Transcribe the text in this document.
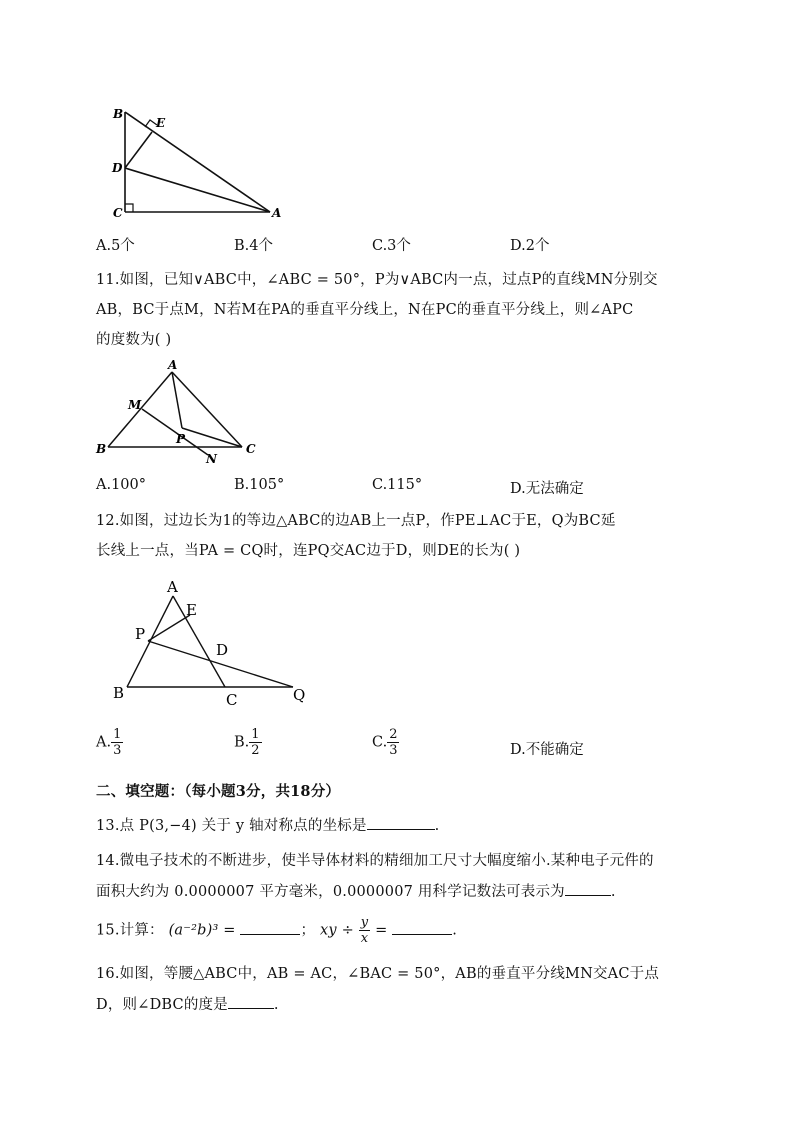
B
E
D
C	A
A.5个	B.4个	C.3个	D.2个
11.如图，已知∨ABC中，∠ABC = 50°，P为∨ABC内一点，过点P的直线MN分别交
AB，BC于点M，N若M在PA的垂直平分线上，N在PC的垂直平分线上，则∠APC
的度数为( )
A
M
P
B
N
C
A.100°	B.105°	C.115°	D.无法确定
12.如图，过边长为1的等边△ABC的边AB上一点P，作PE⊥AC于E，Q为BC延
长线上一点，当PA = CQ时，连PQ交AC边于D，则DE的长为( )
A
E
P
D
B	C	Q
A. $\frac{1}{3}$	B. $\frac{1}{2}$	C. $\frac{2}{3}$	D.不能确定
二、填空题：（每小题3分，共18分）
13.点 P(3,−4) 关于 y 轴对称点的坐标是	.
14.微电子技术的不断进步，使半导体材料的精细加工尺寸大幅度缩小.某种电子元件的
面积大约为 0.0000007 平方毫米，0.0000007 用科学记数法可表示为	.
15.计算： (a⁻²b)³ =	； xy ÷ $\frac{y}{x}$ =	.
16.如图，等腰△ABC中，AB = AC，∠BAC = 50°，AB的垂直平分线MN交AC于点
D，则∠DBC的度是	.
